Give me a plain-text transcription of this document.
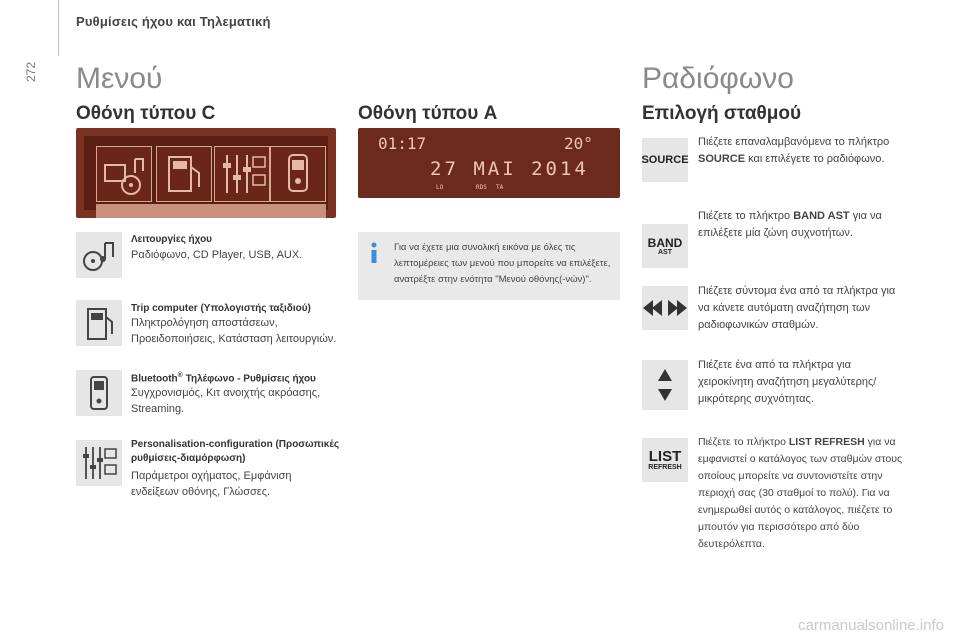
Ρυθμίσεις ήχου και Τηλεματική
272 Μενού
Οθόνη τύπου C
Λειτουργίες ήχου
Ραδιόφωνο, CD Player, USB, AUX.
Trip computer (Υπολογιστής ταξιδιού)
Πληκτρολόγηση αποστάσεων, Προειδοποιήσεις, Κατάσταση λειτουργιών.
Bluetooth® Τηλέφωνο - Ρυθμίσεις ήχου
Συγχρονισμός, Κιτ ανοιχτής ακρόασης, Streaming.
Personalisation-configuration (Προσωπικές ρυθμίσεις-διαμόρφωση)
Παράμετροι οχήματος, Εμφάνιση ενδείξεων οθόνης, Γλώσσες.
Οθόνη τύπου A
01:17	20°
27 MAI 2014
LO	RDS TA
Για να έχετε μια συνολική εικόνα με όλες τις λεπτομέρειες των μενού που μπορείτε να επιλέξετε, ανατρέξτε στην ενότητα "Μενού οθόνης(-νών)".
Ραδιόφωνο
Επιλογή σταθμού
SOURCE
Πιέζετε επαναλαμβανόμενα το πλήκτρο SOURCE και επιλέγετε το ραδιόφωνο.
BAND
AST
Πιέζετε το πλήκτρο BAND AST για να επιλέξετε μία ζώνη συχνοτήτων.
Πιέζετε σύντομα ένα από τα πλήκτρα για να κάνετε αυτόματη αναζήτηση των ραδιοφωνικών σταθμών.
Πιέζετε ένα από τα πλήκτρα για χειροκίνητη αναζήτηση μεγαλύτερης/μικρότερης συχνότητας.
LIST
REFRESH
Πιέζετε το πλήκτρο LIST REFRESH για να εμφανιστεί ο κατάλογος των σταθμών στους οποίους μπορείτε να συντονιστείτε στην περιοχή σας (30 σταθμοί το πολύ). Για να ενημερωθεί αυτός ο κατάλογος, πιέζετε το μπουτόν για περισσότερο από δύο δευτερόλεπτα.
carmanualsonline.info
